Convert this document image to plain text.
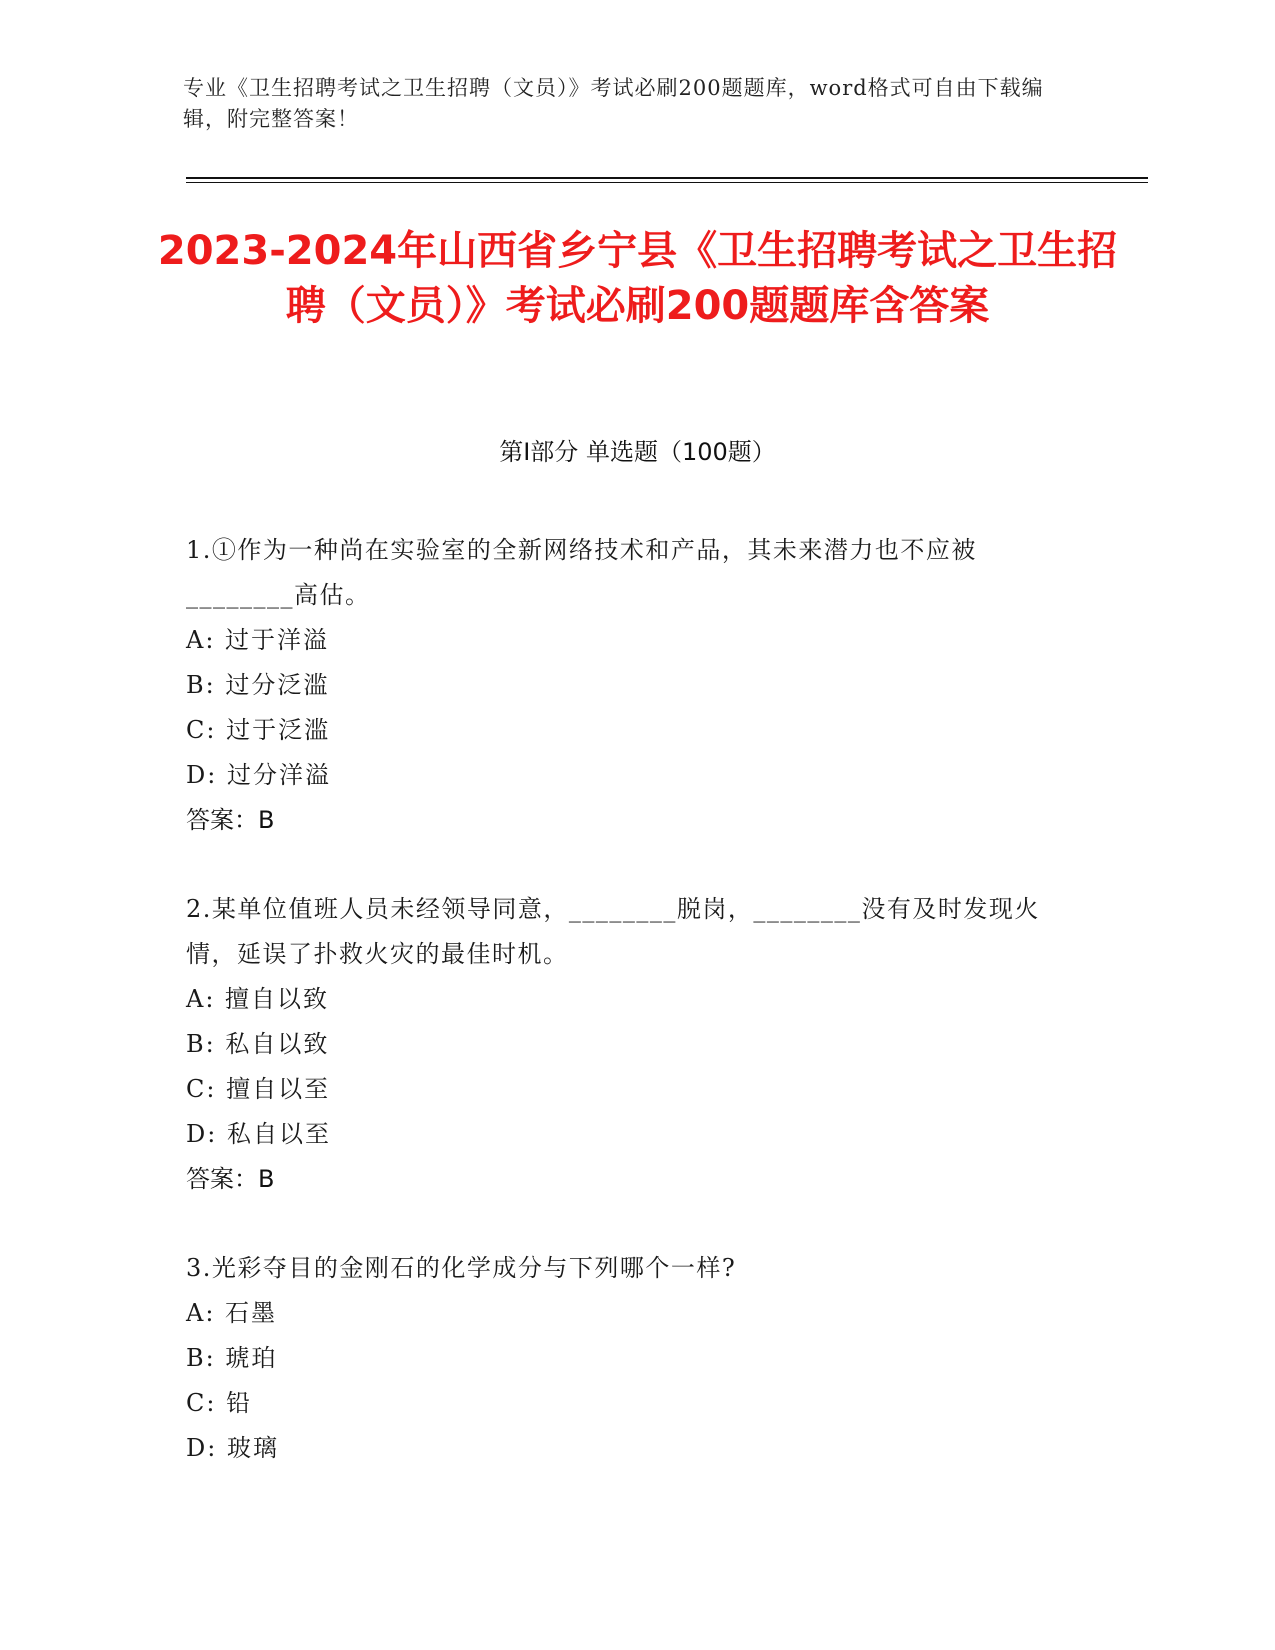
专业《卫生招聘考试之卫生招聘（文员）》考试必刷200题题库，word格式可自由下载编辑，附完整答案！
2023-2024年山西省乡宁县《卫生招聘考试之卫生招聘（文员）》考试必刷200题题库含答案
第Ⅰ部分 单选题（100题）

1.①作为一种尚在实验室的全新网络技术和产品，其未来潜力也不应被________高估。

A: 过于洋溢

B: 过分泛滥

C: 过于泛滥

D: 过分洋溢

答案：B

2.某单位值班人员未经领导同意，________脱岗，________没有及时发现火情，延误了扑救火灾的最佳时机。

A: 擅自以致

B: 私自以致

C: 擅自以至

D: 私自以至

答案：B

3.光彩夺目的金刚石的化学成分与下列哪个一样?

A: 石墨

B: 琥珀

C: 铅

D: 玻璃
